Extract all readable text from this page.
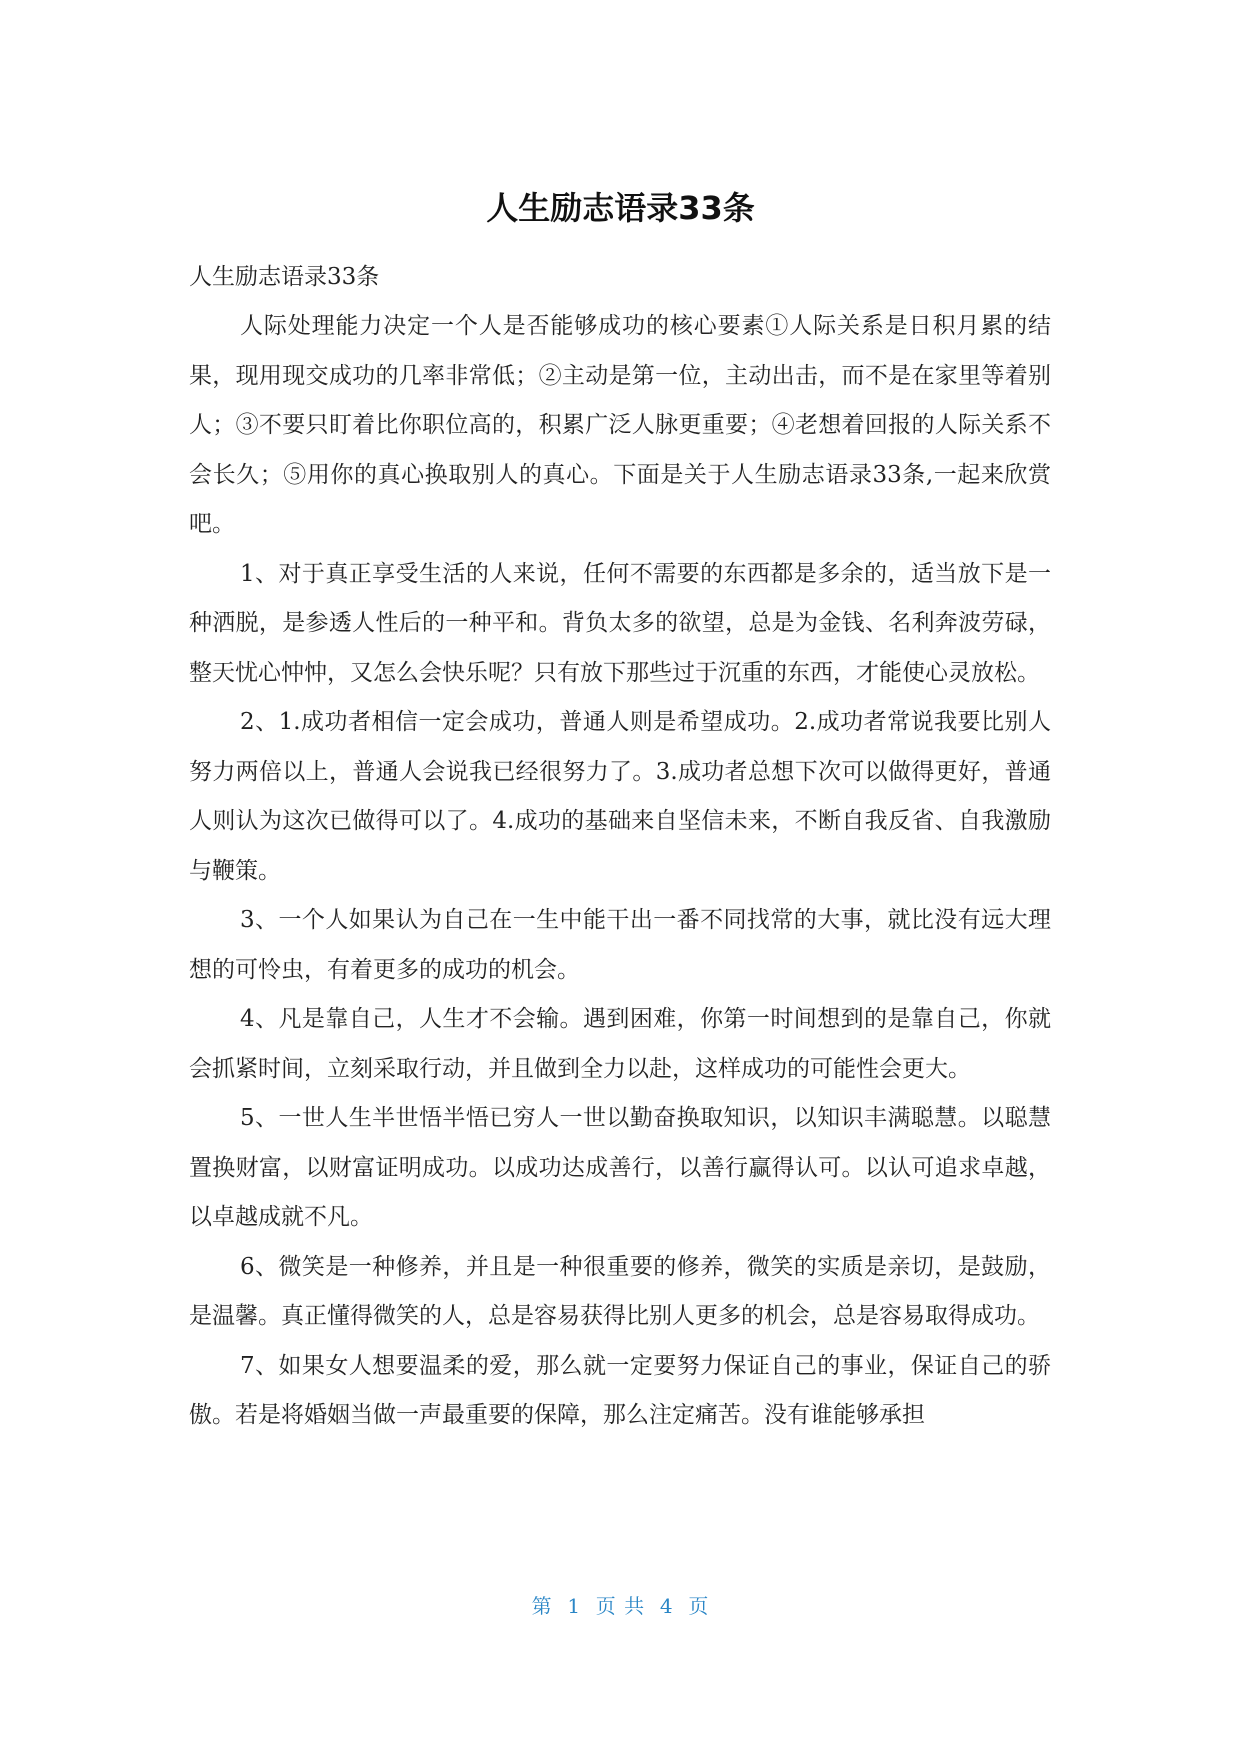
人生励志语录33条

人生励志语录33条

人际处理能力决定一个人是否能够成功的核心要素①人际关系是日积月累的结果，现用现交成功的几率非常低；②主动是第一位，主动出击，而不是在家里等着别人；③不要只盯着比你职位高的，积累广泛人脉更重要；④老想着回报的人际关系不会长久；⑤用你的真心换取别人的真心。下面是关于人生励志语录33条,一起来欣赏吧。

1、对于真正享受生活的人来说，任何不需要的东西都是多余的，适当放下是一种洒脱，是参透人性后的一种平和。背负太多的欲望，总是为金钱、名利奔波劳碌，整天忧心忡忡，又怎么会快乐呢？只有放下那些过于沉重的东西，才能使心灵放松。

2、1.成功者相信一定会成功，普通人则是希望成功。2.成功者常说我要比别人努力两倍以上，普通人会说我已经很努力了。3.成功者总想下次可以做得更好，普通人则认为这次已做得可以了。4.成功的基础来自坚信未来，不断自我反省、自我激励与鞭策。

3、一个人如果认为自己在一生中能干出一番不同找常的大事，就比没有远大理想的可怜虫，有着更多的成功的机会。

4、凡是靠自己，人生才不会输。遇到困难，你第一时间想到的是靠自己，你就会抓紧时间，立刻采取行动，并且做到全力以赴，这样成功的可能性会更大。

5、一世人生半世悟半悟已穷人一世以勤奋换取知识，以知识丰满聪慧。以聪慧置换财富，以财富证明成功。以成功达成善行，以善行赢得认可。以认可追求卓越，以卓越成就不凡。

6、微笑是一种修养，并且是一种很重要的修养，微笑的实质是亲切，是鼓励，是温馨。真正懂得微笑的人，总是容易获得比别人更多的机会，总是容易取得成功。

7、如果女人想要温柔的爱，那么就一定要努力保证自己的事业，保证自己的骄傲。若是将婚姻当做一声最重要的保障，那么注定痛苦。没有谁能够承担

第  1  页 共  4  页
